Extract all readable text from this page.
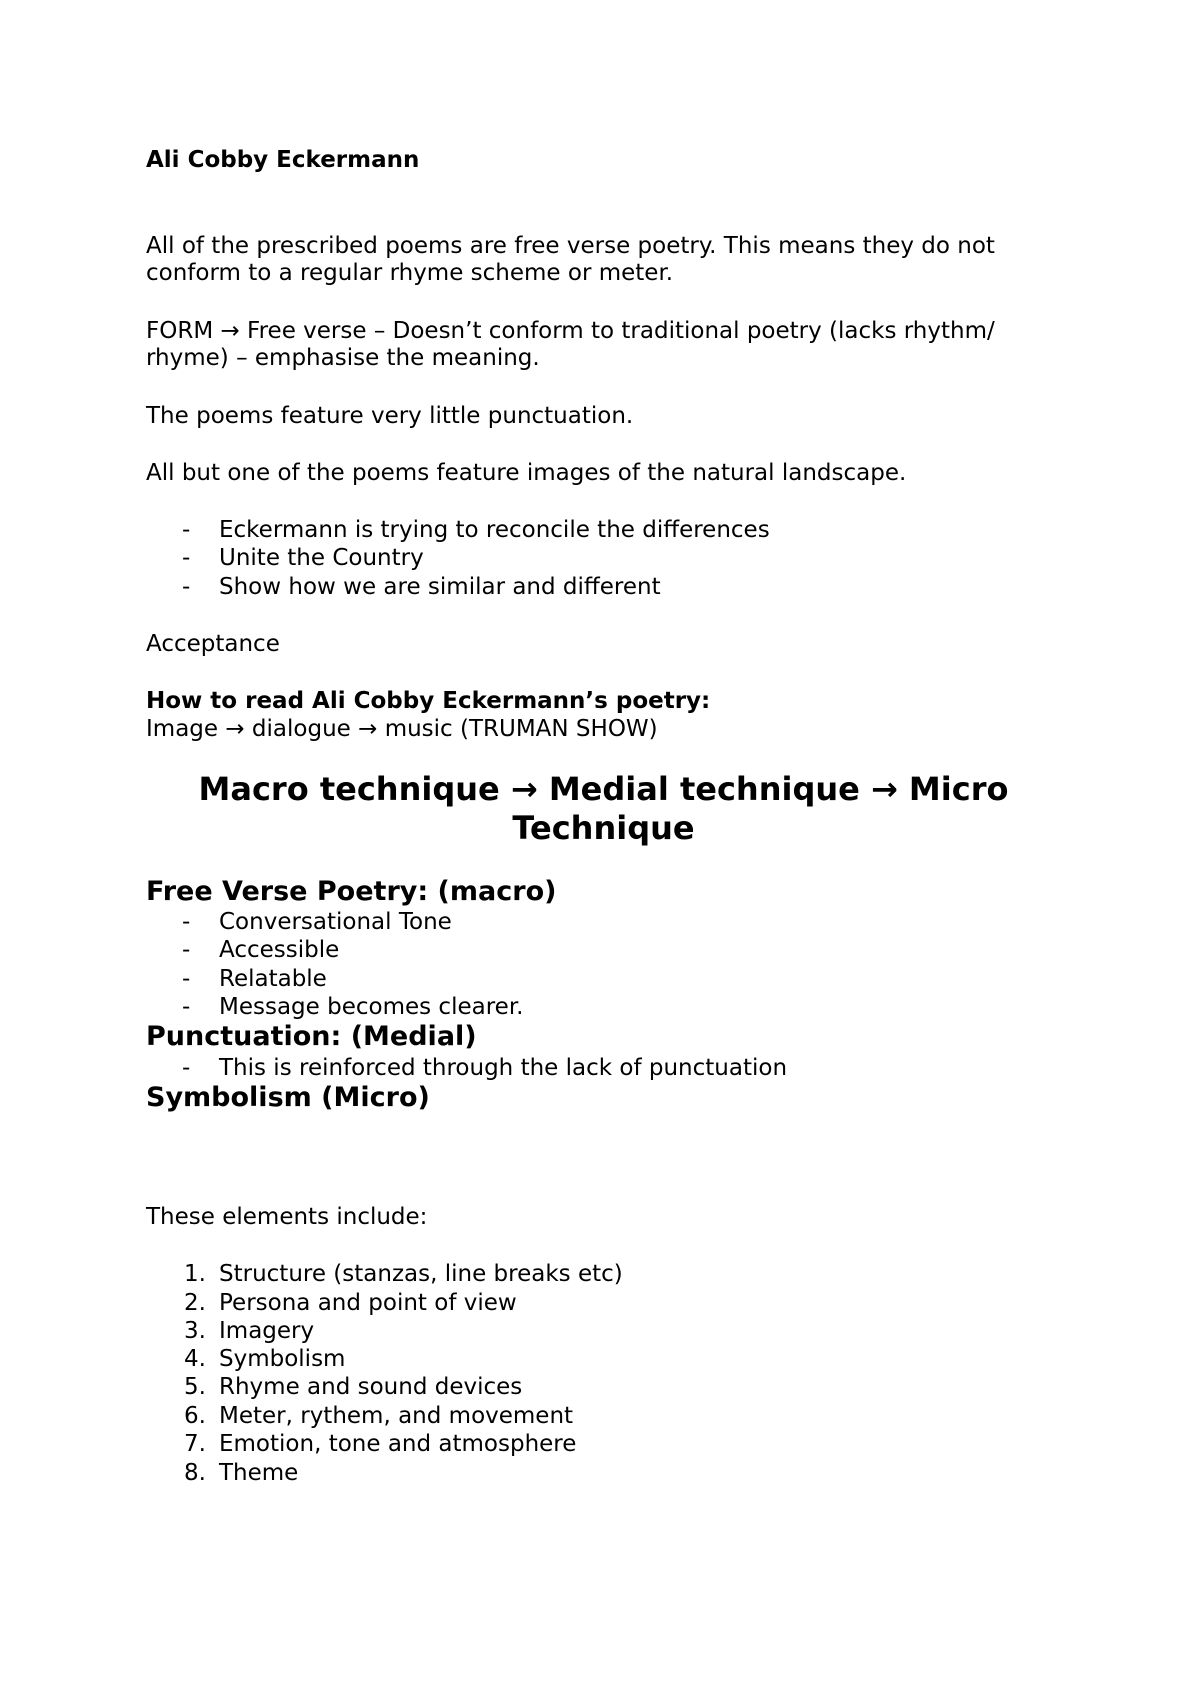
Ali Cobby Eckermann
All of the prescribed poems are free verse poetry. This means they do not
conform to a regular rhyme scheme or meter.
FORM → Free verse – Doesn’t conform to traditional poetry (lacks rhythm/
rhyme) – emphasise the meaning.
The poems feature very little punctuation.
All but one of the poems feature images of the natural landscape.
-	Eckermann is trying to reconcile the differences
-	Unite the Country
-	Show how we are similar and different
Acceptance
How to read Ali Cobby Eckermann’s poetry:
Image → dialogue → music (TRUMAN SHOW)
Macro technique → Medial technique → Micro
Technique
Free Verse Poetry: (macro)
-	Conversational Tone
-	Accessible
-	Relatable
-	Message becomes clearer.
Punctuation: (Medial)
-	This is reinforced through the lack of punctuation
Symbolism (Micro)
These elements include:
1. Structure (stanzas, line breaks etc)
2. Persona and point of view
3. Imagery
4. Symbolism
5. Rhyme and sound devices
6. Meter, rythem, and movement
7. Emotion, tone and atmosphere
8. Theme
